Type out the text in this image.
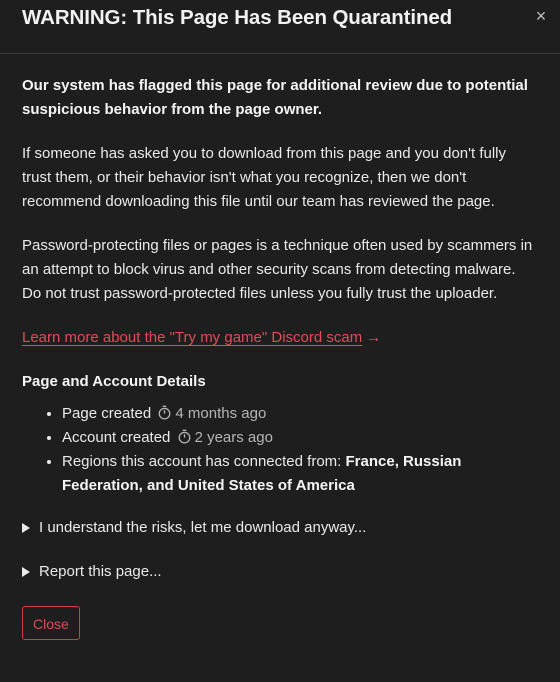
WARNING: This Page Has Been Quarantined	×

Our system has flagged this page for additional review due to potential suspicious behavior from the page owner.

If someone has asked you to download from this page and you don't fully trust them, or their behavior isn't what you recognize, then we don't recommend downloading this file until our team has reviewed the page.

Password-protecting files or pages is a technique often used by scammers in an attempt to block virus and other security scans from detecting malware. Do not trust password-protected files unless you fully trust the uploader.

Learn more about the "Try my game" Discord scam →

Page and Account Details
• Page created 4 months ago
• Account created 2 years ago
• Regions this account has connected from: France, Russian Federation, and United States of America
I understand the risks, let me download anyway...
Report this page...
Close
